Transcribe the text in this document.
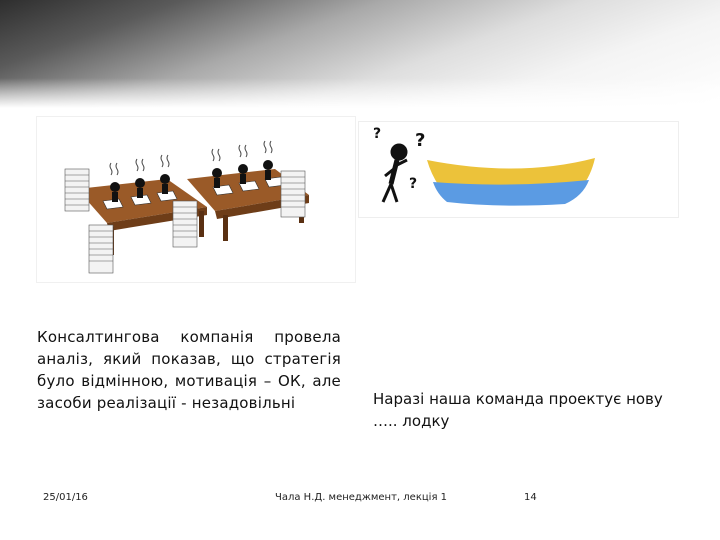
? ?
?
Консалтингова компанія провела аналіз, який показав, що стратегія було відмінною, мотивація – ОК, але засоби реалізації - незадовільні	Наразі наша команда проектує нову ….. лодку
25/01/16	Чала Н.Д. менеджмент, лекція 1	14
